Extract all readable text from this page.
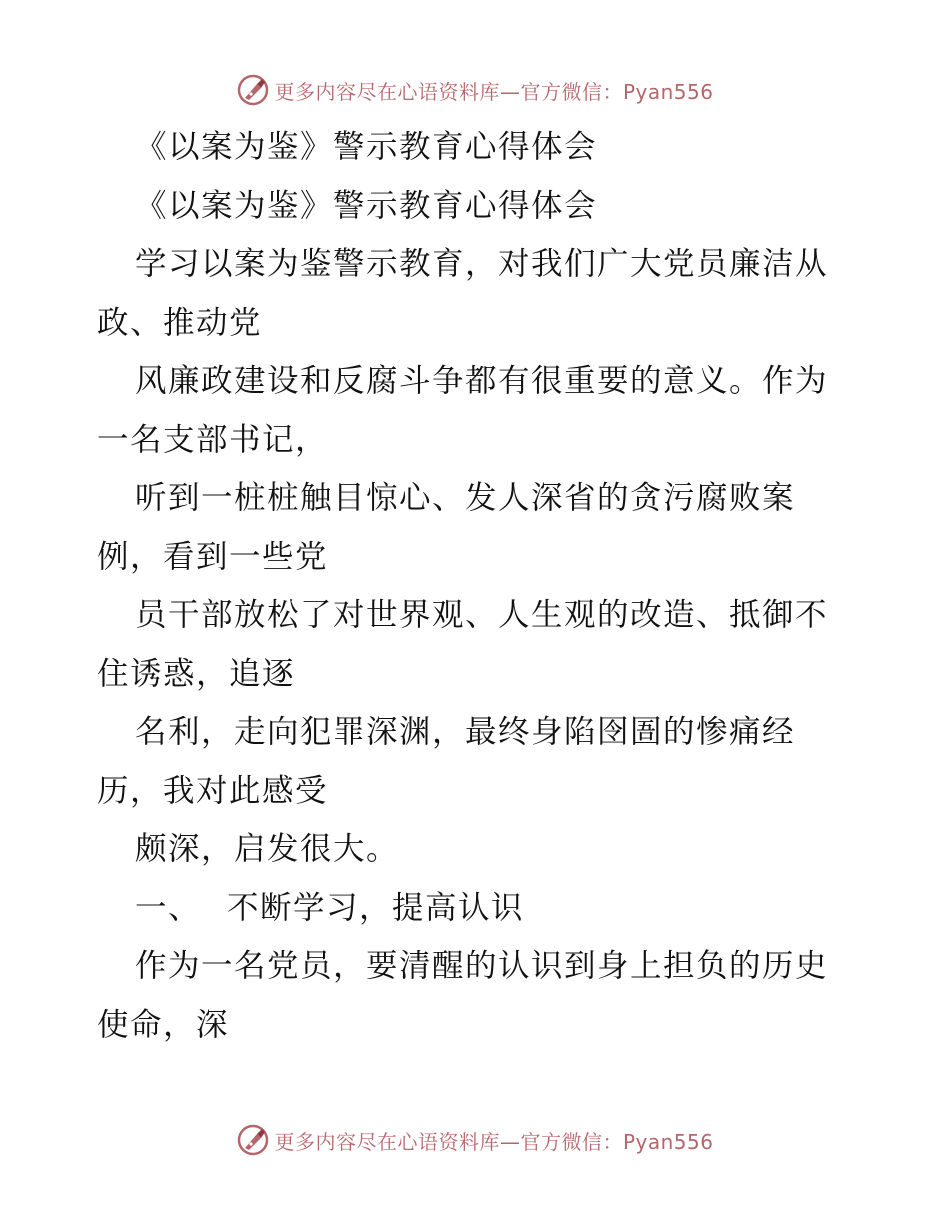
更多内容尽在心语资料库—官方微信：Pyan556
《以案为鉴》警示教育心得体会
《以案为鉴》警示教育心得体会
学习以案为鉴警示教育，对我们广大党员廉洁从
政、推动党
风廉政建设和反腐斗争都有很重要的意义。作为
一名支部书记，
听到一桩桩触目惊心、发人深省的贪污腐败案
例，看到一些党
员干部放松了对世界观、人生观的改造、抵御不
住诱惑，追逐
名利，走向犯罪深渊，最终身陷囹圄的惨痛经
历，我对此感受
颇深，启发很大。
一、 不断学习，提高认识
作为一名党员，要清醒的认识到身上担负的历史
使命，深
更多内容尽在心语资料库—官方微信：Pyan556
